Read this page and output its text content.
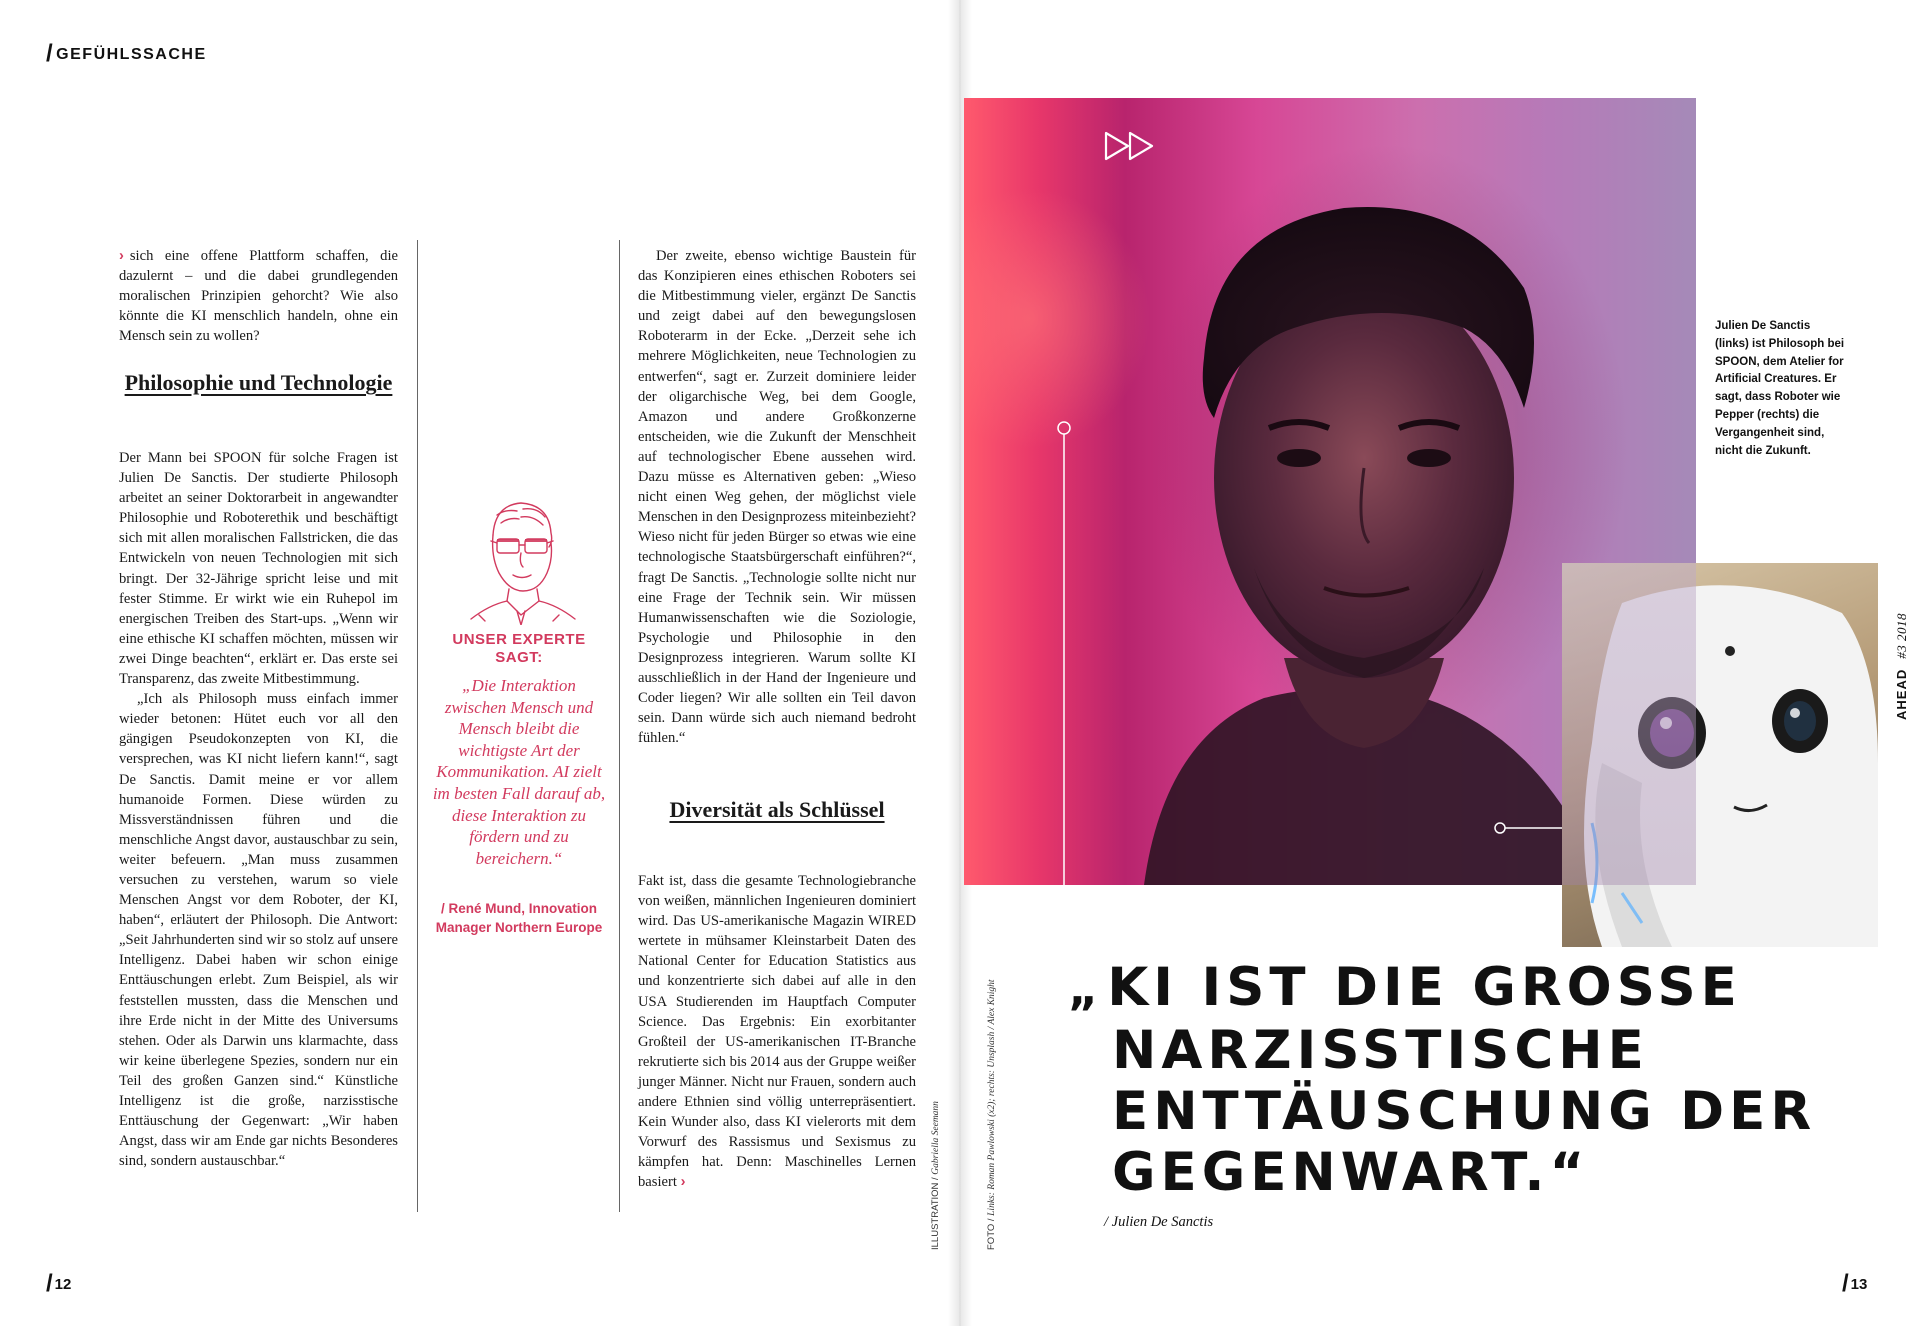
/ GEFÜHLSSACHE

› sich eine offene Plattform schaffen, die dazulernt – und die dabei grundlegenden moralischen Prinzipien gehorcht? Wie also könnte die KI menschlich handeln, ohne ein Mensch sein zu wollen?

Philosophie und Technologie

Der Mann bei SPOON für solche Fragen ist Julien De Sanctis. Der studierte Philosoph arbeitet an seiner Doktorarbeit in angewandter Philosophie und Roboterethik und beschäftigt sich mit allen moralischen Fallstricken, die das Entwickeln von neuen Technologien mit sich bringt. Der 32-Jährige spricht leise und mit fester Stimme. Er wirkt wie ein Ruhepol im energischen Treiben des Start-ups. „Wenn wir eine ethische KI schaffen möchten, müssen wir zwei Dinge beachten“, erklärt er. Das erste sei Transparenz, das zweite Mitbestimmung.

„Ich als Philosoph muss einfach immer wieder betonen: Hütet euch vor all den gängigen Pseudokonzepten von KI, die versprechen, was KI nicht liefern kann!“, sagt De Sanctis. Damit meine er vor allem humanoide Formen. Diese würden zu Missverständnissen führen und die menschliche Angst davor, austauschbar zu sein, weiter befeuern. „Man muss zusammen versuchen zu verstehen, warum so viele Menschen Angst vor dem Roboter, der KI, haben“, erläutert der Philosoph. Die Antwort: „Seit Jahrhunderten sind wir so stolz auf unsere Intelligenz. Dabei haben wir schon einige Enttäuschungen erlebt. Zum Beispiel, als wir feststellen mussten, dass die Menschen und ihre Erde nicht in der Mitte des Universums stehen. Oder als Darwin uns klarmachte, dass wir keine überlegene Spezies, sondern nur ein Teil des großen Ganzen sind.“ Künstliche Intelligenz ist die große, narzisstische Enttäuschung der Gegenwart: „Wir haben Angst, dass wir am Ende gar nichts Besonderes sind, sondern austauschbar.“

UNSER EXPERTE SAGT:
„Die Interaktion zwischen Mensch und Mensch bleibt die wichtigste Art der Kommunikation. AI zielt im besten Fall darauf ab, diese Interaktion zu fördern und zu bereichern.“
/ René Mund, Innovation Manager Northern Europe

Der zweite, ebenso wichtige Baustein für das Konzipieren eines ethischen Roboters sei die Mitbestimmung vieler, ergänzt De Sanctis und zeigt dabei auf den bewegungslosen Roboterarm in der Ecke. „Derzeit sehe ich mehrere Möglichkeiten, neue Technologien zu entwerfen“, sagt er. Zurzeit dominiere leider der oligarchische Weg, bei dem Google, Amazon und andere Großkonzerne entscheiden, wie die Zukunft der Menschheit auf technologischer Ebene aussehen wird. Dazu müsse es Alternativen geben: „Wieso nicht einen Weg gehen, der möglichst viele Menschen in den Designprozess miteinbezieht? Wieso nicht für jeden Bürger so etwas wie eine technologische Staatsbürgerschaft einführen?“, fragt De Sanctis. „Technologie sollte nicht nur eine Frage der Technik sein. Wir müssen Humanwissenschaften wie die Soziologie, Psychologie und Philosophie in den Designprozess integrieren. Warum sollte KI ausschließlich in der Hand der Ingenieure und Coder liegen? Wir alle sollten ein Teil davon sein. Dann würde sich auch niemand bedroht fühlen.“

Diversität als Schlüssel

Fakt ist, dass die gesamte Technologiebranche von weißen, männlichen Ingenieuren dominiert wird. Das US-amerikanische Magazin WIRED wertete in mühsamer Kleinstarbeit Daten des National Center for Education Statistics aus und konzentrierte sich dabei auf alle in den USA Studierenden im Hauptfach Computer Science. Das Ergebnis: Ein exorbitanter Großteil der US-amerikanischen IT-Branche rekrutierte sich bis 2014 aus der Gruppe weißer junger Männer. Nicht nur Frauen, sondern auch andere Ethnien sind völlig unterrepräsentiert. Kein Wunder also, dass KI vielerorts mit dem Vorwurf des Rassismus und Sexismus zu kämpfen hat. Denn: Maschinelles Lernen basiert ›

/ 12
ILLUSTRATION / Gabriella Seemann
FOTO / Links: Roman Pawlowski (x2); rechts: Unsplash / Alex Knight
Julien De Sanctis (links) ist Philosoph bei SPOON, dem Atelier for Artificial Creatures. Er sagt, dass Roboter wie Pepper (rechts) die Vergangenheit sind, nicht die Zukunft.
AHEAD#3 2018
„KI IST DIE GROSSE
NARZISSTISCHE
ENTTÄUSCHUNG DER
GEGENWART.“
/ Julien De Sanctis
/ 13
